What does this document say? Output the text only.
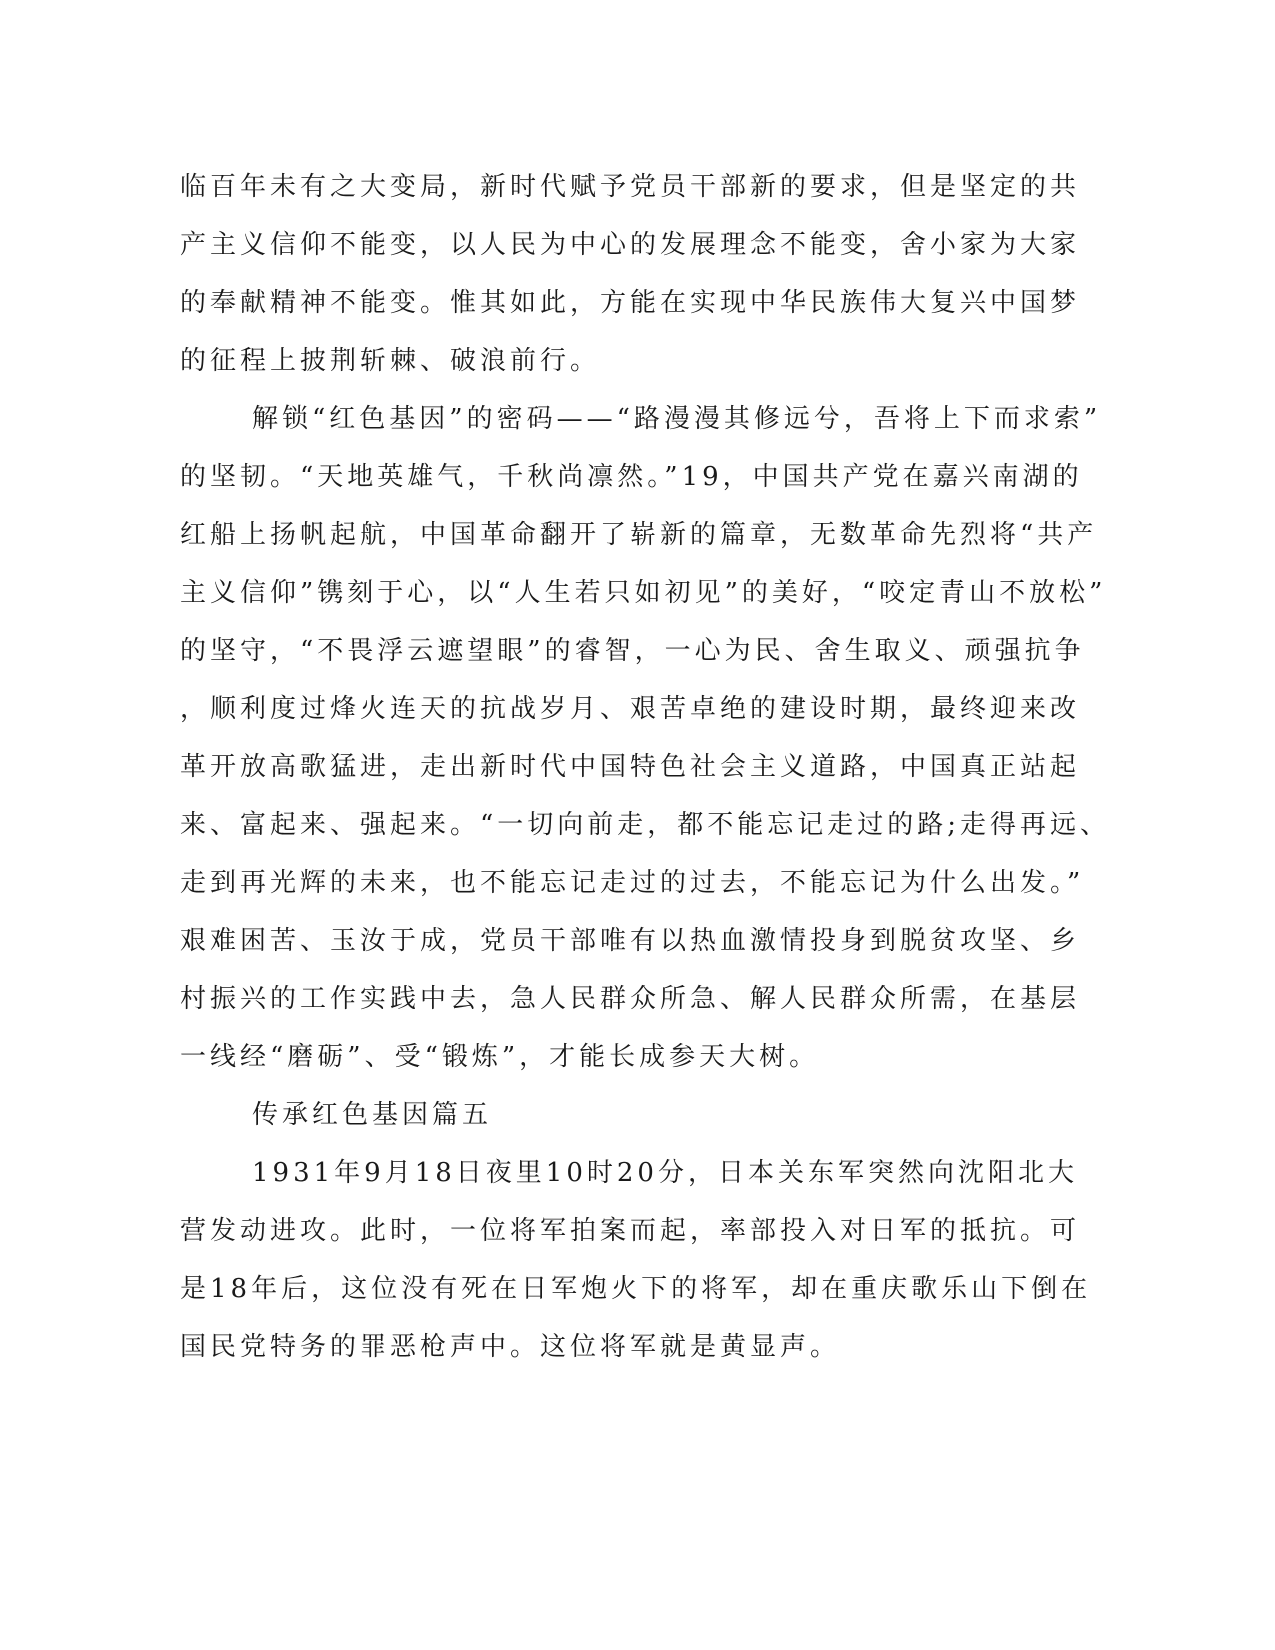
临百年未有之大变局，新时代赋予党员干部新的要求，但是坚定的共
产主义信仰不能变，以人民为中心的发展理念不能变，舍小家为大家
的奉献精神不能变。惟其如此，方能在实现中华民族伟大复兴中国梦
的征程上披荆斩棘、破浪前行。

解锁“红色基因”的密码——“路漫漫其修远兮，吾将上下而求索”
的坚韧。“天地英雄气，千秋尚凛然。”19，中国共产党在嘉兴南湖的
红船上扬帆起航，中国革命翻开了崭新的篇章，无数革命先烈将“共产
主义信仰”镌刻于心，以“人生若只如初见”的美好，“咬定青山不放松”
的坚守，“不畏浮云遮望眼”的睿智，一心为民、舍生取义、顽强抗争
，顺利度过烽火连天的抗战岁月、艰苦卓绝的建设时期，最终迎来改
革开放高歌猛进，走出新时代中国特色社会主义道路，中国真正站起
来、富起来、强起来。“一切向前走，都不能忘记走过的路;走得再远、
走到再光辉的未来，也不能忘记走过的过去，不能忘记为什么出发。”
艰难困苦、玉汝于成，党员干部唯有以热血激情投身到脱贫攻坚、乡
村振兴的工作实践中去，急人民群众所急、解人民群众所需，在基层
一线经“磨砺”、受“锻炼”，才能长成参天大树。

传承红色基因篇五

1931年9月18日夜里10时20分，日本关东军突然向沈阳北大
营发动进攻。此时，一位将军拍案而起，率部投入对日军的抵抗。可
是18年后，这位没有死在日军炮火下的将军，却在重庆歌乐山下倒在
国民党特务的罪恶枪声中。这位将军就是黄显声。
